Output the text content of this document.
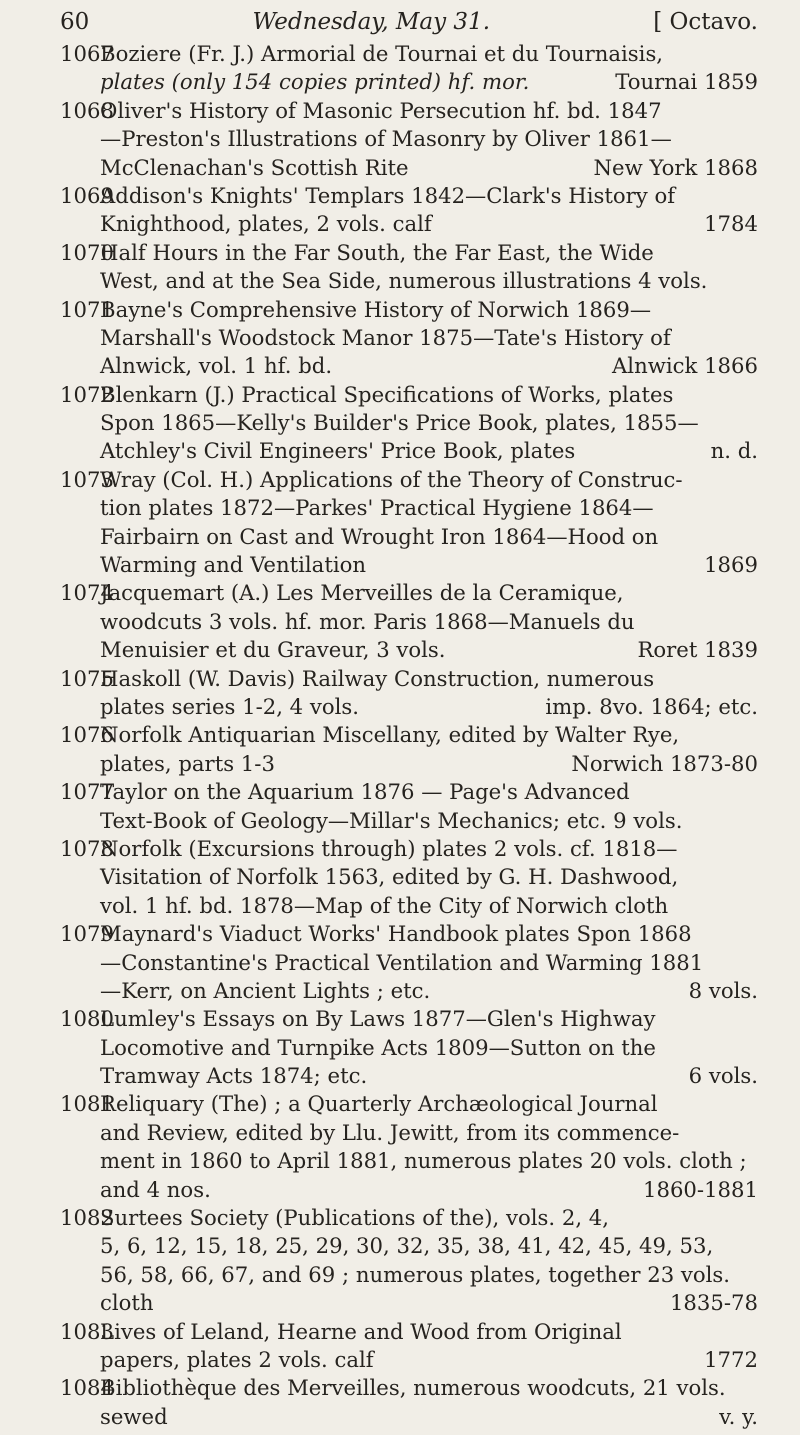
60	Wednesday, May 31.	[ Octavo.
1067Boziere (Fr. J.) Armorial de Tournai et du Tournaisis,
plates (only 154 copies printed) hf. mor.	Tournai 1859
1068Oliver's History of Masonic Persecution hf. bd. 1847
—Preston's Illustrations of Masonry by Oliver 1861—
McClenachan's Scottish Rite	New York 1868
1069Addison's Knights' Templars 1842—Clark's History of
Knighthood, plates, 2 vols. calf	1784
1070Half Hours in the Far South, the Far East, the Wide
West, and at the Sea Side, numerous illustrations 4 vols.
1071Bayne's Comprehensive History of Norwich 1869—
Marshall's Woodstock Manor 1875—Tate's History of
Alnwick, vol. 1 hf. bd.	Alnwick 1866
1072Blenkarn (J.) Practical Specifications of Works, plates
Spon 1865—Kelly's Builder's Price Book, plates, 1855—
Atchley's Civil Engineers' Price Book, plates	n. d.
1073Wray (Col. H.) Applications of the Theory of Construc-
tion plates 1872—Parkes' Practical Hygiene 1864—
Fairbairn on Cast and Wrought Iron 1864—Hood on
Warming and Ventilation	1869
1074Jacquemart (A.) Les Merveilles de la Ceramique,
woodcuts 3 vols. hf. mor. Paris 1868—Manuels du
Menuisier et du Graveur, 3 vols.	Roret 1839
1075Haskoll (W. Davis) Railway Construction, numerous
plates series 1-2, 4 vols.	imp. 8vo. 1864; etc.
1076Norfolk Antiquarian Miscellany, edited by Walter Rye,
plates, parts 1-3	Norwich 1873-80
1077Taylor on the Aquarium 1876 — Page's Advanced
Text-Book of Geology—Millar's Mechanics; etc. 9 vols.
1078Norfolk (Excursions through) plates 2 vols. cf. 1818—
Visitation of Norfolk 1563, edited by G. H. Dashwood,
vol. 1 hf. bd. 1878—Map of the City of Norwich cloth
1079Maynard's Viaduct Works' Handbook plates Spon 1868
—Constantine's Practical Ventilation and Warming 1881
—Kerr, on Ancient Lights ; etc.	8 vols.
1080Lumley's Essays on By Laws 1877—Glen's Highway
Locomotive and Turnpike Acts 1809—Sutton on the
Tramway Acts 1874; etc.	6 vols.
1081Reliquary (The) ; a Quarterly Archæological Journal
and Review, edited by Llu. Jewitt, from its commence-
ment in 1860 to April 1881, numerous plates 20 vols. cloth ;
and 4 nos.	1860-1881
1082Surtees Society (Publications of the), vols. 2, 4,
5, 6, 12, 15, 18, 25, 29, 30, 32, 35, 38, 41, 42, 45, 49, 53,
56, 58, 66, 67, and 69 ; numerous plates, together 23 vols.
cloth	1835-78
1083Lives of Leland, Hearne and Wood from Original
papers, plates 2 vols. calf	1772
1084Bibliothèque des Merveilles, numerous woodcuts, 21 vols.
sewed	v. y.
